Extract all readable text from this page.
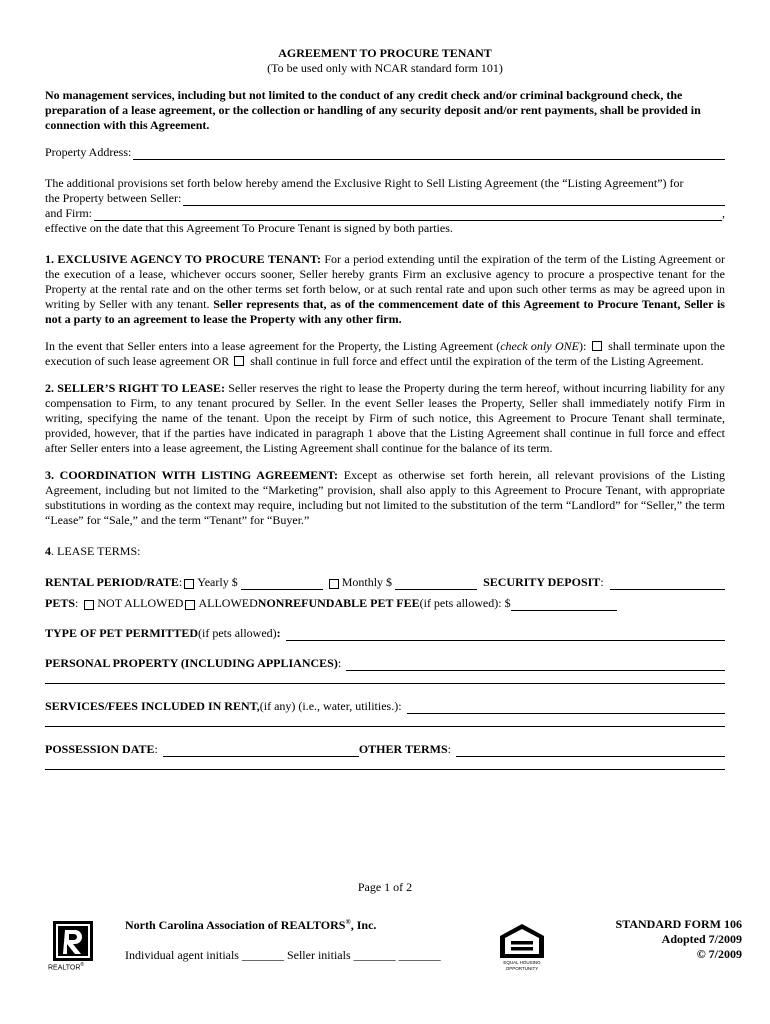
AGREEMENT TO PROCURE TENANT
(To be used only with NCAR standard form 101)

No management services, including but not limited to the conduct of any credit check and/or criminal background check, the preparation of a lease agreement, or the collection or handling of any security deposit and/or rent payments, shall be provided in connection with this Agreement.

Property Address:
The additional provisions set forth below hereby amend the Exclusive Right to Sell Listing Agreement (the “Listing Agreement”) for
the Property between Seller:
and Firm:	,
effective on the date that this Agreement To Procure Tenant is signed by both parties.

1. EXCLUSIVE AGENCY TO PROCURE TENANT: For a period extending until the expiration of the term of the Listing Agreement or the execution of a lease, whichever occurs sooner, Seller hereby grants Firm an exclusive agency to procure a prospective tenant for the Property at the rental rate and on the other terms set forth below, or at such rental rate and upon such other terms as may be agreed upon in writing by Seller with any tenant. Seller represents that, as of the commencement date of this Agreement to Procure Tenant, Seller is not a party to an agreement to lease the Property with any other firm.

In the event that Seller enters into a lease agreement for the Property, the Listing Agreement (check only ONE):  shall terminate upon the execution of such lease agreement OR  shall continue in full force and effect until the expiration of the term of the Listing Agreement.

2. SELLER’S RIGHT TO LEASE: Seller reserves the right to lease the Property during the term hereof, without incurring liability for any compensation to Firm, to any tenant procured by Seller. In the event Seller leases the Property, Seller shall immediately notify Firm in writing, specifying the name of the tenant. Upon the receipt by Firm of such notice, this Agreement to Procure Tenant shall terminate, provided, however, that if the parties have indicated in paragraph 1 above that the Listing Agreement shall continue in full force and effect after Seller enters into a lease agreement, the Listing Agreement shall continue for the balance of its term.

3. COORDINATION WITH LISTING AGREEMENT: Except as otherwise set forth herein, all relevant provisions of the Listing Agreement, including but not limited to the “Marketing” provision, shall also apply to this Agreement to Procure Tenant, with appropriate substitutions in wording as the context may require, including but not limited to the substitution of the term “Landlord” for “Seller,” the term “Lease” for “Sale,” and the term “Tenant” for “Buyer.”

4. LEASE TERMS:
RENTAL PERIOD/RATE : Yearly $	Monthly $	SECURITY DEPOSIT :
PETS : NOT ALLOWED ALLOWED NONREFUNDABLE PET FEE (if pets allowed): $
TYPE OF PET PERMITTED (if pets allowed) :
PERSONAL PROPERTY (INCLUDING APPLIANCES) :
SERVICES/FEES INCLUDED IN RENT, (if any) (i.e., water, utilities.):
POSSESSION DATE :	OTHER TERMS :
Page 1 of 2
REALTOR®
North Carolina Association of REALTORS®, Inc.
Individual agent initials _______ Seller initials _______ _______
EQUAL HOUSING
OPPORTUNITY
STANDARD FORM 106
Adopted 7/2009
© 7/2009
